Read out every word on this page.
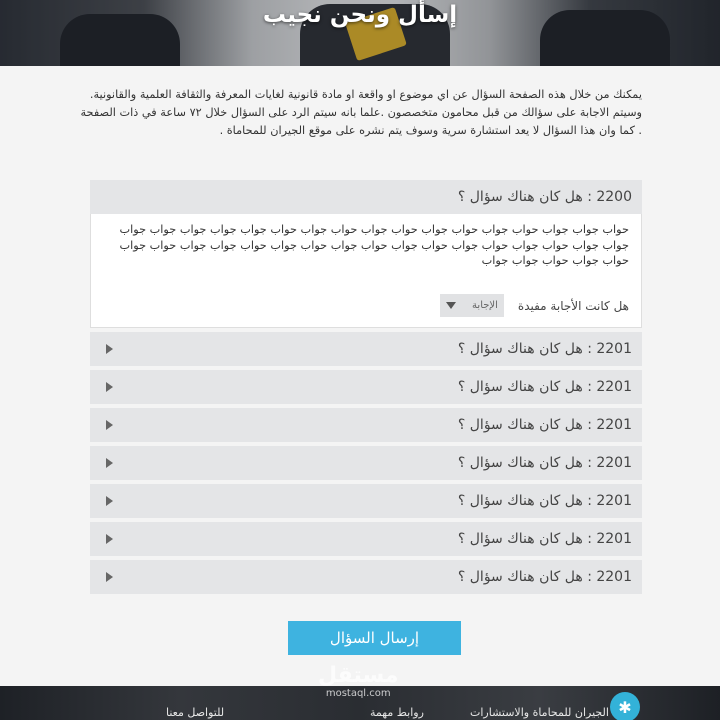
إسأل ونحن نجيب

يمكنك من خلال هذه الصفحة السؤال عن اي موضوع او واقعة او مادة قانونية لغايات المعرفة والثقافة العلمية والقانونية. وسيتم الاجابة على سؤالك من قبل محامون متخصصون .علما بانه سيتم الرد على السؤال خلال ٧٢ ساعة في ذات الصفحة . كما وان هذا السؤال لا يعد استشارة سرية وسوف يتم نشره على موقع الجيران للمحاماة .

2200 : هل كان هناك سؤال ؟

حواب جواب جواب حواب جواب حواب جواب حواب جواب حواب جواب حواب جواب جواب جواب جواب جواب جواب جواب حواب جواب حواب جواب حواب جواب حواب جواب حواب جواب حواب جواب جواب حواب جواب حواب جواب حواب جواب جواب

هل كانت الأجابة مفيدة
الإجابة
2201 : هل كان هناك سؤال ؟
2201 : هل كان هناك سؤال ؟
2201 : هل كان هناك سؤال ؟
2201 : هل كان هناك سؤال ؟
2201 : هل كان هناك سؤال ؟
2201 : هل كان هناك سؤال ؟
2201 : هل كان هناك سؤال ؟
إرسال السؤال
للتواصل معنا	روابط مهمة	الجيران للمحاماة والاستشارات ✱
مستقل
mostaql.com
